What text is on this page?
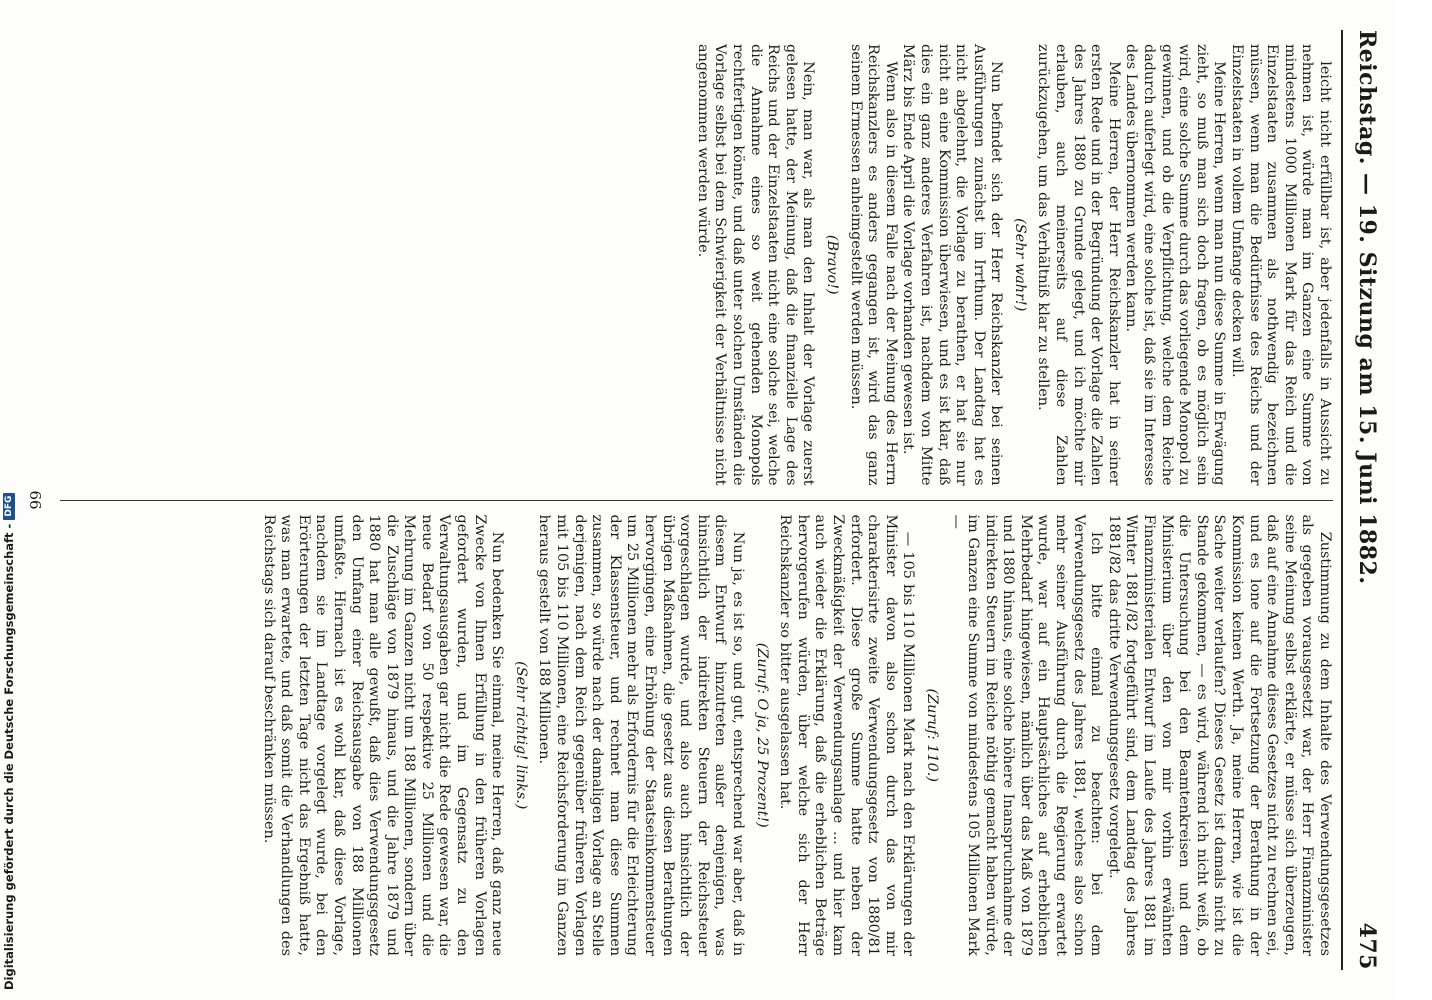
Reichstag. — 19. Sitzung am 15. Juni 1882.
475

leicht nicht erfüllbar ist, aber jedenfalls in Aussicht zu nehmen ist, würde man im Ganzen eine Summe von mindestens 1000 Millionen Mark für das Reich und die Einzelstaaten zusammen als nothwendig bezeichnen müssen, wenn man die Bedürfnisse des Reichs und der Einzelstaaten in vollem Umfange decken will.

Meine Herren, wenn man nun diese Summe in Erwägung zieht, so muß man sich doch fragen, ob es möglich sein wird, eine solche Summe durch das vorliegende Monopol zu gewinnen, und ob die Verpflichtung, welche dem Reiche dadurch auferlegt wird, eine solche ist, daß sie im Interesse des Landes übernommen werden kann.

Meine Herren, der Herr Reichskanzler hat in seiner ersten Rede und in der Begründung der Vorlage die Zahlen des Jahres 1880 zu Grunde gelegt, und ich möchte mir erlauben, auch meinerseits auf diese Zahlen zurückzugehen, um das Verhältniß klar zu stellen.

(Sehr wahr!)

Nun befindet sich der Herr Reichskanzler bei seinen Ausführungen zunächst im Irrthum. Der Landtag hat es nicht abgelehnt, die Vorlage zu berathen, er hat sie nur nicht an eine Kommission überwiesen, und es ist klar, daß dies ein ganz anderes Verfahren ist, nachdem von Mitte März bis Ende April die Vorlage vorhanden gewesen ist.

Wenn also in diesem Falle nach der Meinung des Herrn Reichskanzlers es anders gegangen ist, wird das ganz seinem Ermessen anheimgestellt werden müssen.

(Bravo!)

Nein, man war, als man den Inhalt der Vorlage zuerst gelesen hatte, der Meinung, daß die finanzielle Lage des Reichs und der Einzelstaaten nicht eine solche sei, welche die Annahme eines so weit gehenden Monopols rechtfertigen könnte, und daß unter solchen Umständen die Vorlage selbst bei dem Schwierigkeit der Verhältnisse nicht angenommen werden würde.

Zustimmung zu dem Inhalte des Verwendungsgesetzes als gegeben vorausgesetzt war, der Herr Finanzminister seine Meinung selbst erklärte, er müsse sich überzeugen, daß auf eine Annahme dieses Gesetzes nicht zu rechnen sei, und es lone auf die Fortsetzung der Berathung in der Kommission keinen Werth. Ja, meine Herren, wie ist die Sache weiter verlaufen? Dieses Gesetz ist damals nicht zu Stande gekommen, — es wird, während ich nicht weiß, ob die Untersuchung bei den Beamtenkreisen und dem Ministerium über den von mir vorhin erwähnten Finanzministerialen Entwurf im Laufe des Jahres 1881 im Winter 1881/82 fortgeführt sind, dem Landtag des Jahres 1881/82 das dritte Verwendungsgesetz vorgelegt.

Ich bitte einmal zu beachten: bei dem Verwendungsgesetz des Jahres 1881, welches also schon mehr seiner Ausführung durch die Regierung erwartet wurde, war auf ein Hauptsächliches auf erheblichen Mehrbedarf hingewiesen, nämlich über das Maß von 1879 und 1880 hinaus, eine solche höhere Inanspruchnahme der indirekten Steuern im Reiche nöthig gemacht haben würde, im Ganzen eine Summe von mindestens 105 Millionen Mark —

(Zuruf: 110.)

— 105 bis 110 Millionen Mark nach den Erklärungen der Minister davon also schon durch das von mir charakterisirte zweite Verwendungsgesetz von 1880/81 erfordert. Diese große Summe hatte neben der Zweckmäßigkeit der Verwendungsanlage ... und hier kam auch wieder die Erklärung, daß die erheblichen Beträge hervorgerufen würden, über welche sich der Herr Reichskanzler so bitter ausgelassen hat.

(Zuruf: O ja, 25 Prozent!)

Nun ja, es ist so, und gut, entsprechend war aber, daß in diesem Entwurf hinzutreten außer denjenigen, was hinsichtlich der indirekten Steuern der Reichssteuer vorgeschlagen wurde, und also auch hinsichtlich der übrigen Maßnahmen, die gesetzt aus diesen Berathungen hervorgingen, eine Erhöhung der Staatseinkommensteuer um 25 Millionen mehr als Erfordernis für die Erleichterung der Klassensteuer, und rechnet man diese Summen zusammen, so würde nach der damaligen Vorlage an Stelle derjenigen, nach dem Reich gegenüber früheren Vorlagen mit 105 bis 110 Millionen, eine Reichsforderung im Ganzen heraus gestellt von 188 Millionen.

(Sehr richtig! links.)

Nun bedenken Sie einmal, meine Herren, daß ganz neue Zwecke von Ihnen Erfüllung in den früheren Vorlagen gefordert wurden, und im Gegensatz zu den Verwaltungsausgaben gar nicht die Rede gewesen war, die neue Bedarf von 50 respektive 25 Millionen und die Mehrung im Ganzen nicht um 188 Millionen, sondern über die Zuschläge von 1879 hinaus, und die Jahre 1879 und 1880 hat man alle gewußt, daß dies Verwendungsgesetz den Umfang einer Reichsausgabe von 188 Millionen umfaßte. Hiernach ist es wohl klar, daß diese Vorlage, nachdem sie im Landtage vorgelegt wurde, bei den Erörterungen der letzten Tage nicht das Ergebniß hatte, was man erwartete, und daß somit die Verhandlungen des Reichstags sich darauf beschränken müssen.

66
Digitalisierung gefördert durch die Deutsche Forschungsgemeinschaft -
DFG
